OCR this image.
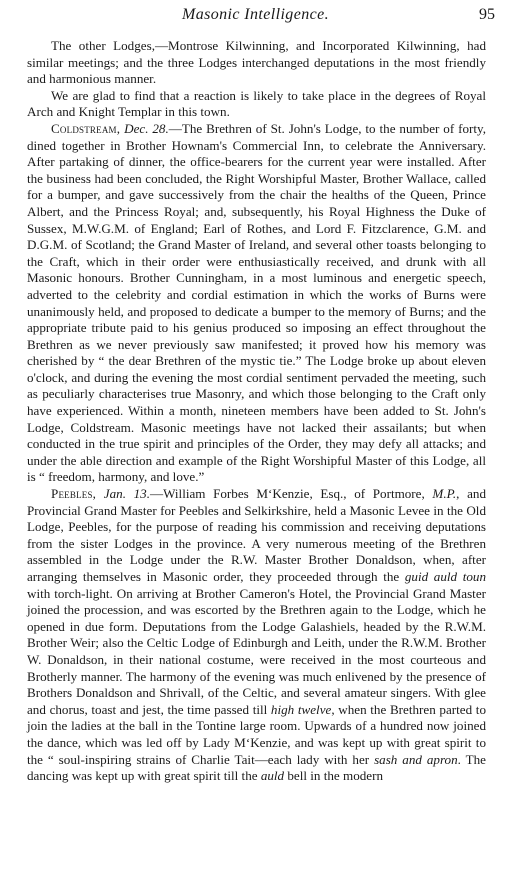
Masonic Intelligence.	95

The other Lodges,—Montrose Kilwinning, and Incorporated Kilwinning, had similar meetings; and the three Lodges interchanged deputations in the most friendly and harmonious manner.

We are glad to find that a reaction is likely to take place in the degrees of Royal Arch and Knight Templar in this town.

Coldstream, Dec. 28.—The Brethren of St. John's Lodge, to the number of forty, dined together in Brother Hownam's Commercial Inn, to celebrate the Anniversary. After partaking of dinner, the office-bearers for the current year were installed. After the business had been concluded, the Right Worshipful Master, Brother Wallace, called for a bumper, and gave successively from the chair the healths of the Queen, Prince Albert, and the Princess Royal; and, subsequently, his Royal Highness the Duke of Sussex, M.W.G.M. of England; Earl of Rothes, and Lord F. Fitzclarence, G.M. and D.G.M. of Scotland; the Grand Master of Ireland, and several other toasts belonging to the Craft, which in their order were enthusiastically received, and drunk with all Masonic honours. Brother Cunningham, in a most luminous and energetic speech, adverted to the celebrity and cordial estimation in which the works of Burns were unanimously held, and proposed to dedicate a bumper to the memory of Burns; and the appropriate tribute paid to his genius produced so imposing an effect throughout the Brethren as we never previously saw manifested; it proved how his memory was cherished by “ the dear Brethren of the mystic tie.” The Lodge broke up about eleven o'clock, and during the evening the most cordial sentiment pervaded the meeting, such as peculiarly characterises true Masonry, and which those belonging to the Craft only have experienced. Within a month, nineteen members have been added to St. John's Lodge, Coldstream. Masonic meetings have not lacked their assailants; but when conducted in the true spirit and principles of the Order, they may defy all attacks; and under the able direction and example of the Right Worshipful Master of this Lodge, all is “ freedom, harmony, and love.”

Peebles, Jan. 13.—William Forbes M‘Kenzie, Esq., of Portmore, M.P., and Provincial Grand Master for Peebles and Selkirkshire, held a Masonic Levee in the Old Lodge, Peebles, for the purpose of reading his commission and receiving deputations from the sister Lodges in the province. A very numerous meeting of the Brethren assembled in the Lodge under the R.W. Master Brother Donaldson, when, after arranging themselves in Masonic order, they proceeded through the guid auld toun with torch-light. On arriving at Brother Cameron's Hotel, the Provincial Grand Master joined the procession, and was escorted by the Brethren again to the Lodge, which he opened in due form. Deputations from the Lodge Galashiels, headed by the R.W.M. Brother Weir; also the Celtic Lodge of Edinburgh and Leith, under the R.W.M. Brother W. Donaldson, in their national costume, were received in the most courteous and Brotherly manner. The harmony of the evening was much enlivened by the presence of Brothers Donaldson and Shrivall, of the Celtic, and several amateur singers. With glee and chorus, toast and jest, the time passed till high twelve, when the Brethren parted to join the ladies at the ball in the Tontine large room. Upwards of a hundred now joined the dance, which was led off by Lady M‘Kenzie, and was kept up with great spirit to the “ soul-inspiring strains of Charlie Tait—each lady with her sash and apron. The dancing was kept up with great spirit till the auld bell in the modern
